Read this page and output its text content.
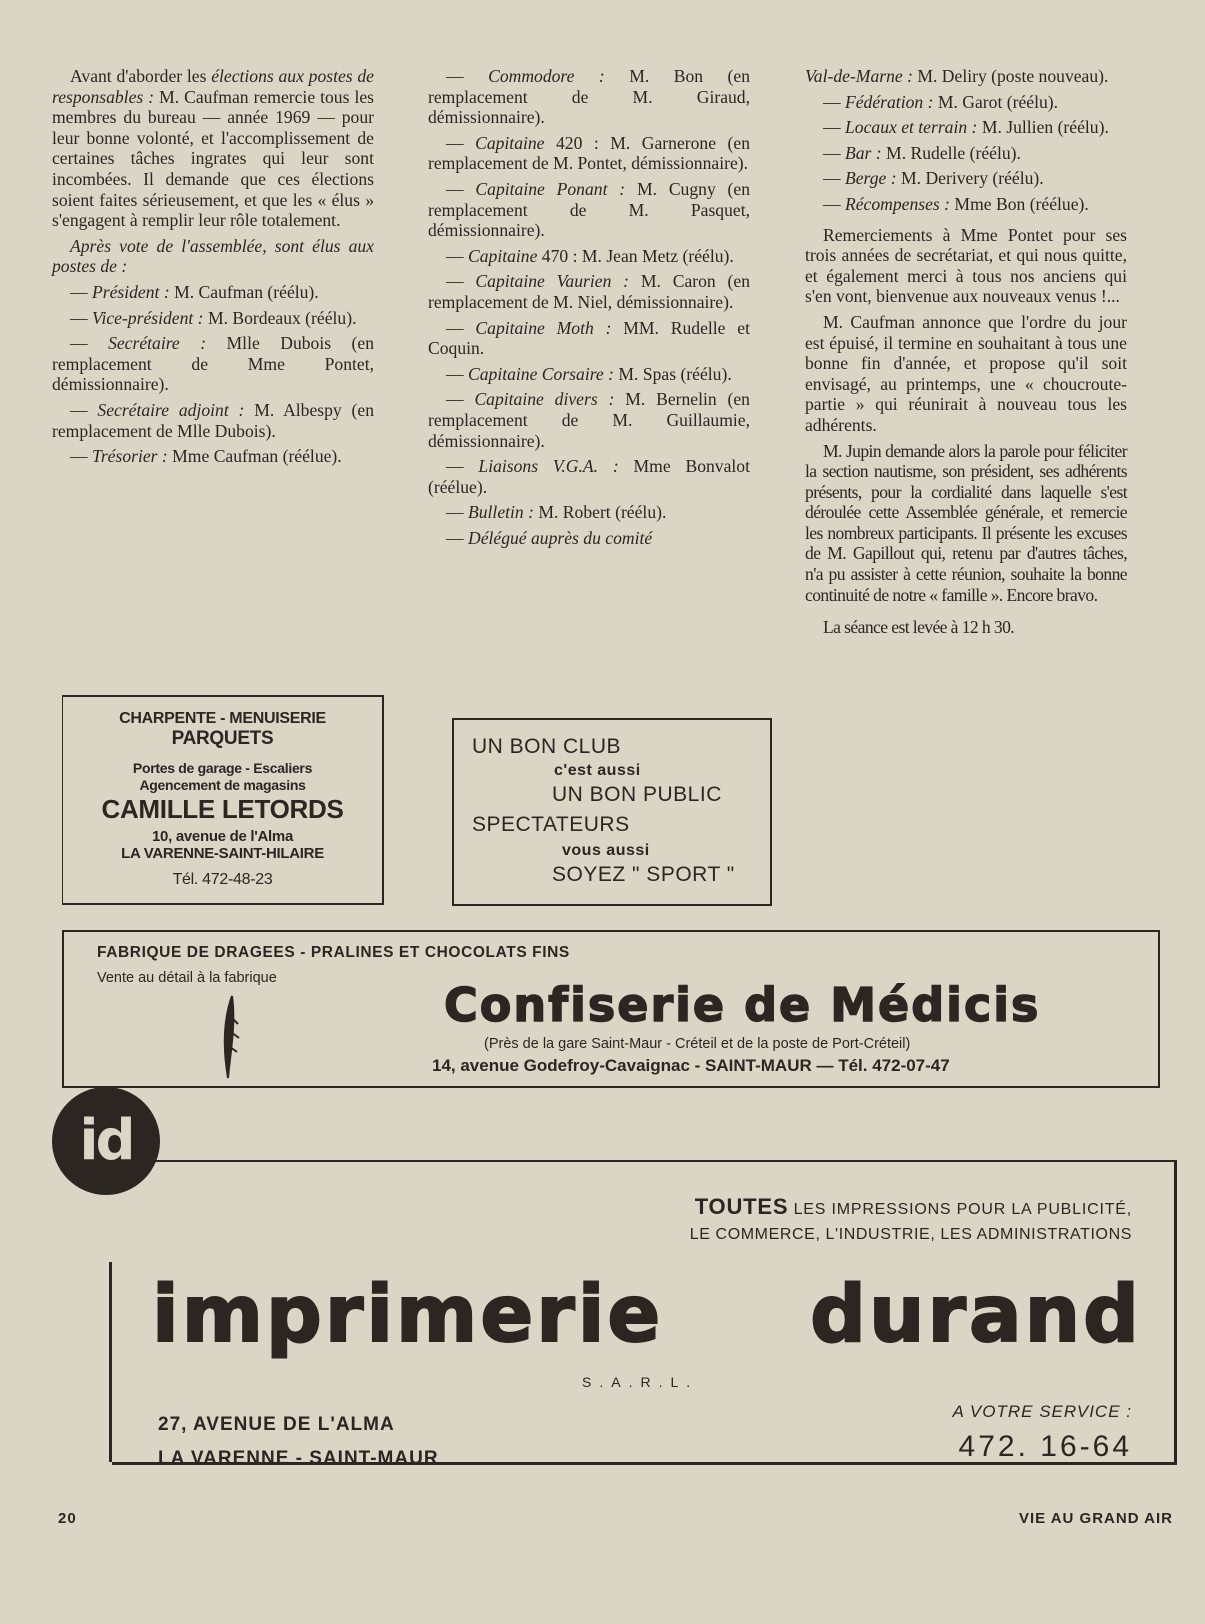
Avant d'aborder les élections aux postes de responsables : M. Caufman remercie tous les membres du bureau — année 1969 — pour leur bonne volonté, et l'accomplissement de certaines tâches ingrates qui leur sont incombées. Il demande que ces élections soient faites sérieusement, et que les « élus » s'engagent à remplir leur rôle totalement.

Après vote de l'assemblée, sont élus aux postes de :

— Président : M. Caufman (réélu).

— Vice-président : M. Bordeaux (réélu).

— Secrétaire : Mlle Dubois (en remplacement de Mme Pontet, démissionnaire).

— Secrétaire adjoint : M. Albespy (en remplacement de Mlle Dubois).

— Trésorier : Mme Caufman (réélue).

— Commodore : M. Bon (en remplacement de M. Giraud, démissionnaire).

— Capitaine 420 : M. Garnerone (en remplacement de M. Pontet, démissionnaire).

— Capitaine Ponant : M. Cugny (en remplacement de M. Pasquet, démissionnaire).

— Capitaine 470 : M. Jean Metz (réélu).

— Capitaine Vaurien : M. Caron (en remplacement de M. Niel, démissionnaire).

— Capitaine Moth : MM. Rudelle et Coquin.

— Capitaine Corsaire : M. Spas (réélu).

— Capitaine divers : M. Bernelin (en remplacement de M. Guillaumie, démissionnaire).

— Liaisons V.G.A. : Mme Bonvalot (réélue).

— Bulletin : M. Robert (réélu).

— Délégué auprès du comité

Val-de-Marne : M. Deliry (poste nouveau).

— Fédération : M. Garot (réélu).

— Locaux et terrain : M. Jullien (réélu).

— Bar : M. Rudelle (réélu).

— Berge : M. Derivery (réélu).

— Récompenses : Mme Bon (réélue).

Remerciements à Mme Pontet pour ses trois années de secrétariat, et qui nous quitte, et également merci à tous nos anciens qui s'en vont, bienvenue aux nouveaux venus !...

M. Caufman annonce que l'ordre du jour est épuisé, il termine en souhaitant à tous une bonne fin d'année, et propose qu'il soit envisagé, au printemps, une « choucroute-partie » qui réunirait à nouveau tous les adhérents.

M. Jupin demande alors la parole pour féliciter la section nautisme, son président, ses adhérents présents, pour la cordialité dans laquelle s'est déroulée cette Assemblée générale, et remercie les nombreux participants. Il présente les excuses de M. Gapillout qui, retenu par d'autres tâches, n'a pu assister à cette réunion, souhaite la bonne continuité de notre « famille ». Encore bravo.

La séance est levée à 12 h 30.

CHARPENTE - MENUISERIE
PARQUETS
Portes de garage - Escaliers
Agencement de magasins
CAMILLE LETORDS
10, avenue de l'Alma
LA VARENNE-SAINT-HILAIRE
Tél. 472-48-23
UN BON CLUB
c'est aussi
UN BON PUBLIC
SPECTATEURS
vous aussi
SOYEZ " SPORT "
FABRIQUE DE DRAGEES - PRALINES ET CHOCOLATS FINS
Vente au détail à la fabrique	Confiserie de Médicis
(Près de la gare Saint-Maur - Créteil et de la poste de Port-Créteil)
14, avenue Godefroy-Cavaignac - SAINT-MAUR — Tél. 472-07-47
id
TOUTES LES IMPRESSIONS POUR LA PUBLICITÉ,
LE COMMERCE, L'INDUSTRIE, LES ADMINISTRATIONS
imprimerie durand
S.A.R.L.
27, AVENUE DE L'ALMA
LA VARENNE - SAINT-MAUR
A VOTRE SERVICE :
472. 16-64
20	VIE AU GRAND AIR
